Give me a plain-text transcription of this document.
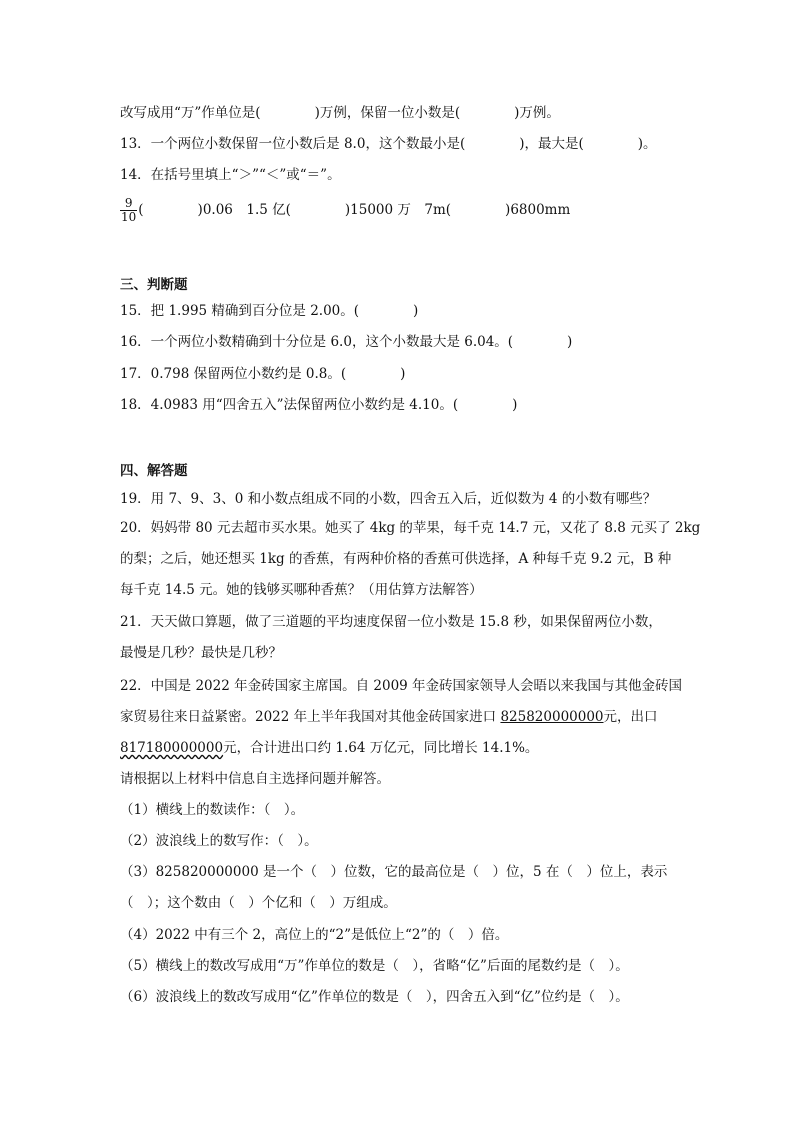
改写成用“万”作单位是(　　　　)万例，保留一位小数是(　　　　)万例。
13．一个两位小数保留一位小数后是 8.0，这个数最小是(　　　　)，最大是(　　　　)。
14．在括号里填上“＞”“＜”或“＝”。
$\frac{9}{10}$ (　　　　)0.06　1.5 亿(　　　　)15000 万　7m(　　　　)6800mm
三、判断题
15．把 1.995 精确到百分位是 2.00。(　　　　)
16．一个两位小数精确到十分位是 6.0，这个小数最大是 6.04。(　　　　)
17．0.798 保留两位小数约是 0.8。(　　　　)
18．4.0983 用“四舍五入”法保留两位小数约是 4.10。(　　　　)
四、解答题
19．用 7、9、3、0 和小数点组成不同的小数，四舍五入后，近似数为 4 的小数有哪些？
20．妈妈带 80 元去超市买水果。她买了 4kg 的苹果，每千克 14.7 元，又花了 8.8 元买了 2kg
的梨；之后，她还想买 1kg 的香蕉，有两种价格的香蕉可供选择，A 种每千克 9.2 元，B 种
每千克 14.5 元。她的钱够买哪种香蕉？（用估算方法解答）
21．天天做口算题，做了三道题的平均速度保留一位小数是 15.8 秒，如果保留两位小数，
最慢是几秒？最快是几秒？
22．中国是 2022 年金砖国家主席国。自 2009 年金砖国家领导人会晤以来我国与其他金砖国
家贸易往来日益紧密。2022 年上半年我国对其他金砖国家进口 825820000000元，出口
817180000000元，合计进出口约 1.64 万亿元，同比增长 14.1%。
请根据以上材料中信息自主选择问题并解答。
（1）横线上的数读作：（　）。
（2）波浪线上的数写作：（　）。
（3）825820000000 是一个（　）位数，它的最高位是（　）位，5 在（　）位上，表示
（　）；这个数由（　）个亿和（　）万组成。
（4）2022 中有三个 2，高位上的“2”是低位上“2”的（　）倍。
（5）横线上的数改写成用“万”作单位的数是（　），省略“亿”后面的尾数约是（　）。
（6）波浪线上的数改写成用“亿”作单位的数是（　），四舍五入到“亿”位约是（　）。
